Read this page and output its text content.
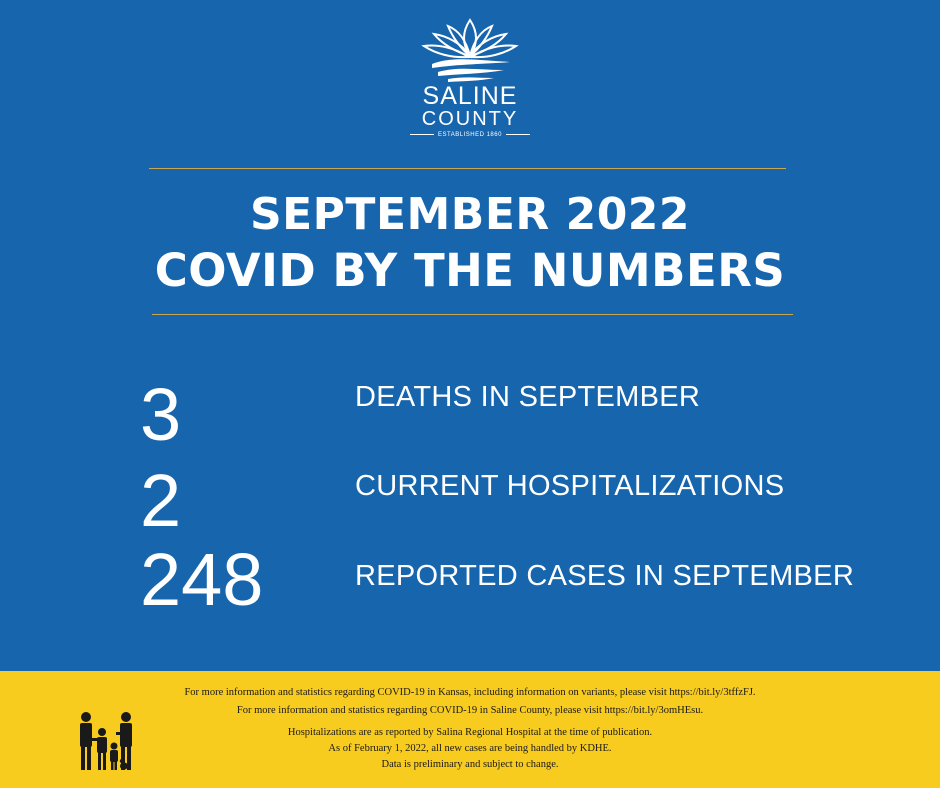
SALINE
COUNTY
ESTABLISHED 1860
SEPTEMBER 2022
COVID BY THE NUMBERS
3	DEATHS IN SEPTEMBER
2	CURRENT HOSPITALIZATIONS
248	REPORTED CASES IN SEPTEMBER
For more information and statistics regarding COVID-19 in Kansas, including information on variants, please visit https://bit.ly/3tffzFJ.
For more information and statistics regarding COVID-19 in Saline County, please visit https://bit.ly/3omHEsu.
Hospitalizations are as reported by Salina Regional Hospital at the time of publication.
As of February 1, 2022, all new cases are being handled by KDHE.
Data is preliminary and subject to change.
